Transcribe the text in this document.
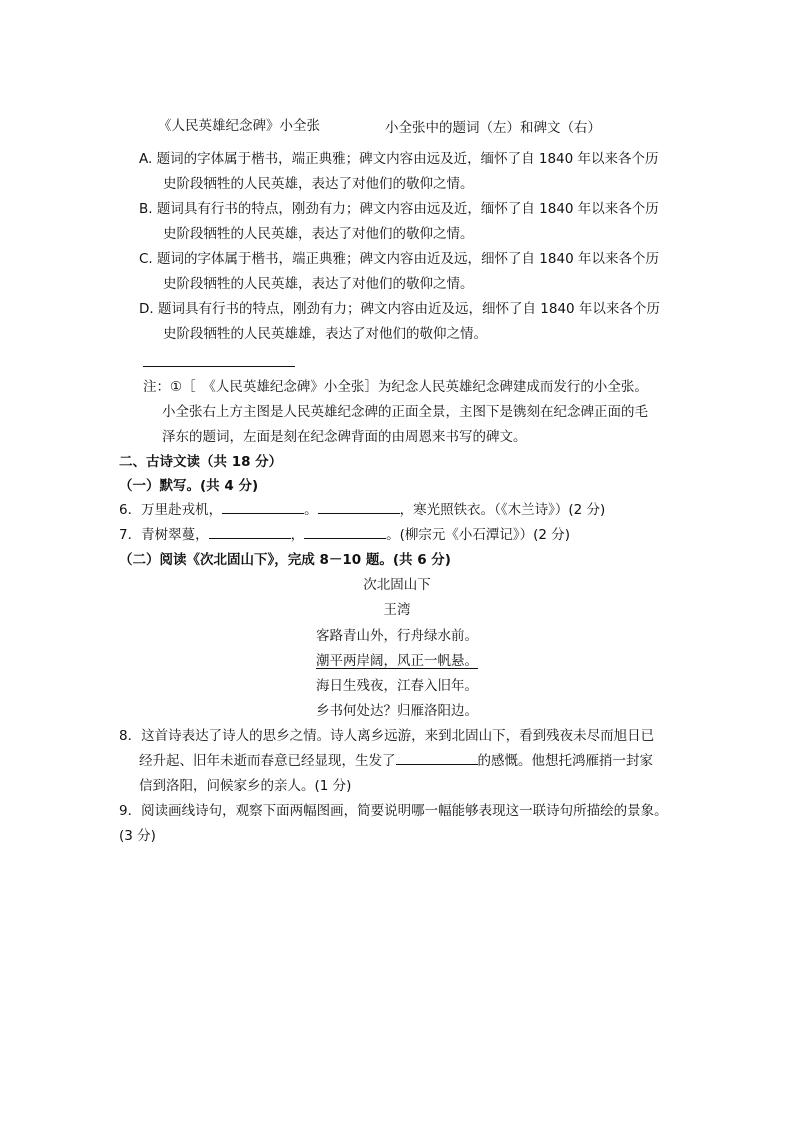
《人民英雄纪念碑》小全张	小全张中的题词（左）和碑文（右）
A. 题词的字体属于楷书，端正典雅；碑文内容由远及近，缅怀了自 1840 年以来各个历
史阶段牺牲的人民英雄，表达了对他们的敬仰之情。
B. 题词具有行书的特点，刚劲有力；碑文内容由远及近，缅怀了自 1840 年以来各个历
史阶段牺牲的人民英雄，表达了对他们的敬仰之情。
C. 题词的字体属于楷书，端正典雅；碑文内容由近及远，细怀了自 1840 年以来各个历
史阶段牺牲的人民英雄，表达了对他们的敬仰之情。
D. 题词具有行书的特点，刚劲有力；碑文内容由近及远，细怀了自 1840 年以来各个历
史阶段牺牲的人民英雄雄，表达了对他们的敬仰之情。
注：①［　《人民英雄纪念碑》小全张］为纪念人民英雄纪念碑建成而发行的小全张。
小全张右上方主图是人民英雄纪念碑的正面全景，主图下是镌刻在纪念碑正面的毛
泽东的题词，左面是刻在纪念碑背面的由周恩来书写的碑文。
二、古诗文读（共 18 分）
（一）默写。(共 4 分)
6．万里赴戎机，	。	，寒光照铁衣。（《木兰诗》）(2 分)
7．青树翠蔓，	，	。(柳宗元《小石潭记》）(2 分)
（二）阅读《次北固山下》，完成 8－10 题。(共 6 分)
次北固山下
王湾
客路青山外，行舟绿水前。
潮平两岸阔，风正一帆悬。
海日生残夜，江春入旧年。
乡书何处达？归雁洛阳边。
8．这首诗表达了诗人的思乡之情。诗人离乡远游，来到北固山下，看到残夜未尽而旭日已
经升起、旧年未逝而春意已经显现，生发了	的感慨。他想托鸿雁捎一封家
信到洛阳，问候家乡的亲人。(1 分)
9．阅读画线诗句，观察下面两幅图画，简要说明哪一幅能够表现这一联诗句所描绘的景象。
(3 分)
